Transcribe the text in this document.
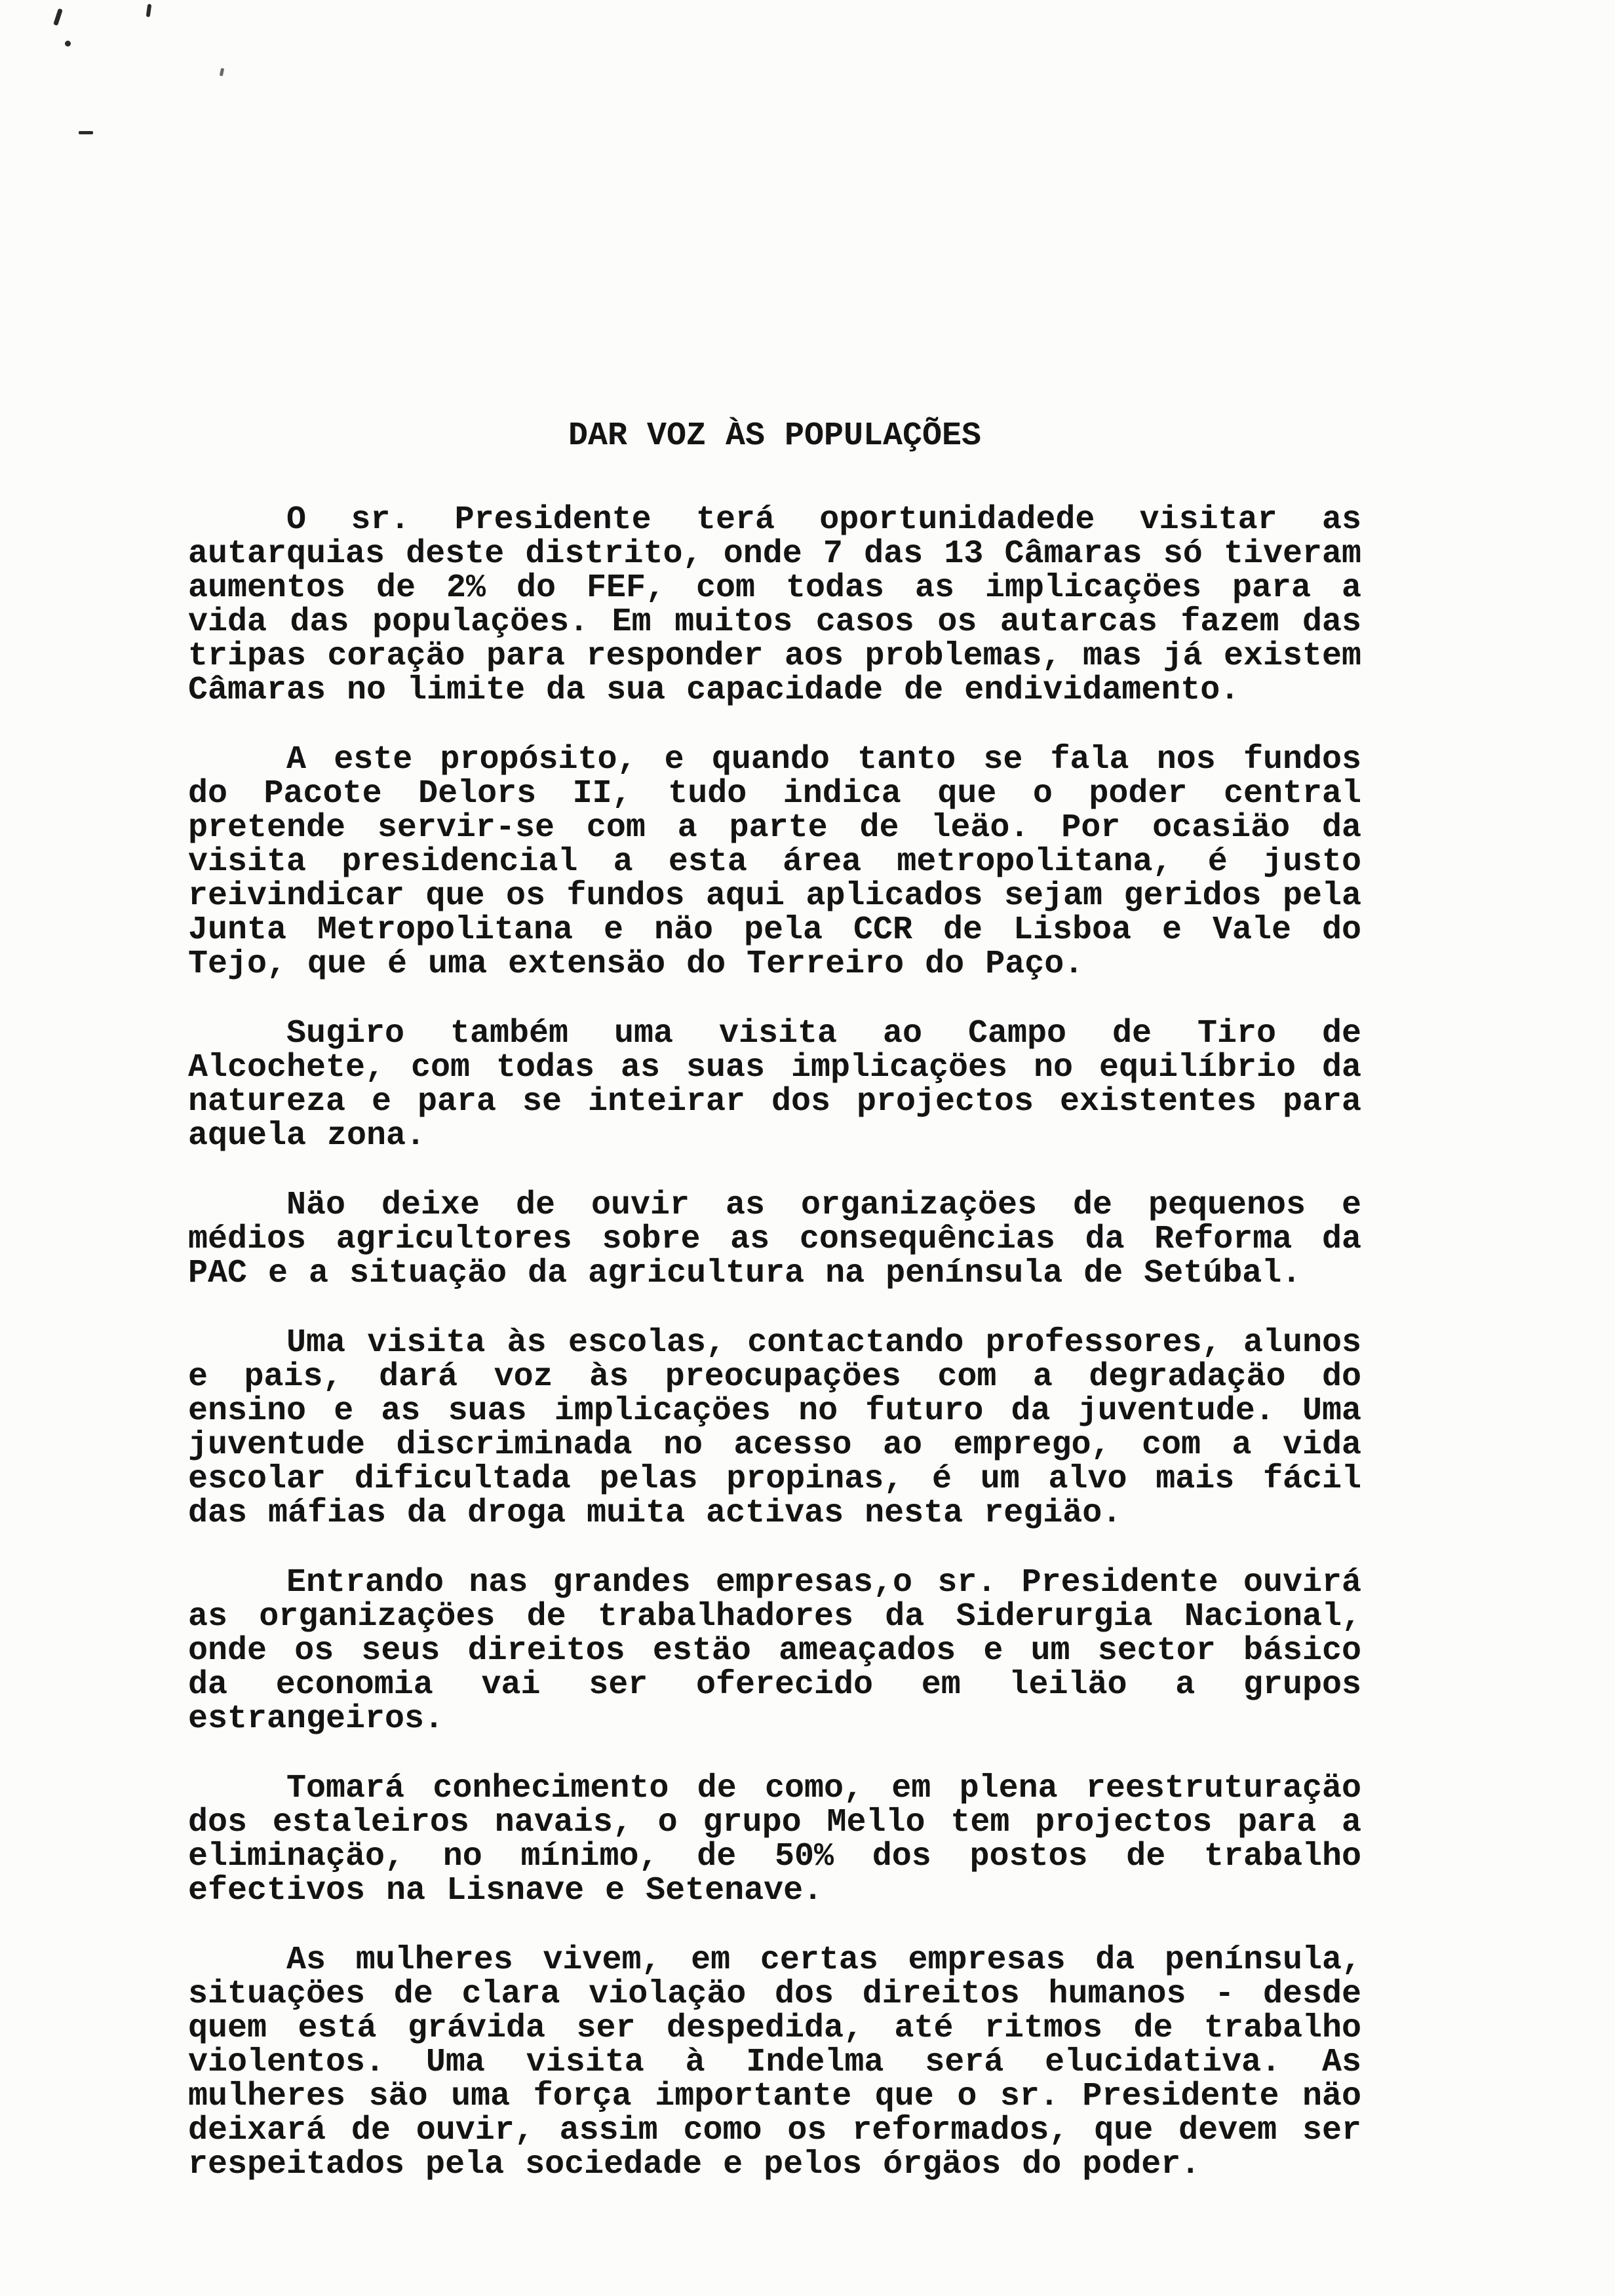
DAR VOZ ÀS POPULAÇÕES

O sr. Presidente terá oportunidadede visitar as autarquias deste distrito, onde 7 das 13 Câmaras só tiveram aumentos de 2% do FEF, com todas as implicaçöes para a vida das populaçöes. Em muitos casos os autarcas fazem das tripas coraçäo para responder aos problemas, mas já existem Câmaras no limite da sua capacidade de endividamento.

A este propósito, e quando tanto se fala nos fundos do Pacote Delors II, tudo indica que o poder central pretende servir-se com a parte de leäo. Por ocasiäo da visita presidencial a esta área metropolitana, é justo reivindicar que os fundos aqui aplicados sejam geridos pela Junta Metropolitana e näo pela CCR de Lisboa e Vale do Tejo, que é uma extensäo do Terreiro do Paço.

Sugiro também uma visita ao Campo de Tiro de Alcochete, com todas as suas implicaçöes no equilíbrio da natureza e para se inteirar dos projectos existentes para aquela zona.

Näo deixe de ouvir as organizaçöes de pequenos e médios agricultores sobre as consequências da Reforma da PAC e a situaçäo da agricultura na península de Setúbal.

Uma visita às escolas, contactando professores, alunos e pais, dará voz às preocupaçöes com a degradaçäo do ensino e as suas implicaçöes no futuro da juventude. Uma juventude discriminada no acesso ao emprego, com a vida escolar dificultada pelas propinas, é um alvo mais fácil das máfias da droga muita activas nesta regiäo.

Entrando nas grandes empresas,o sr. Presidente ouvirá as organizaçöes de trabalhadores da Siderurgia Nacional, onde os seus direitos estäo ameaçados e um sector básico da economia vai ser oferecido em leiläo a grupos estrangeiros.

Tomará conhecimento de como, em plena reestruturaçäo dos estaleiros navais, o grupo Mello tem projectos para a eliminaçäo, no mínimo, de 50% dos postos de trabalho efectivos na Lisnave e Setenave.

As mulheres vivem, em certas empresas da península, situaçöes de clara violaçäo dos direitos humanos - desde quem está grávida ser despedida, até ritmos de trabalho violentos. Uma visita à Indelma será elucidativa. As mulheres säo uma força importante que o sr. Presidente näo deixará de ouvir, assim como os reformados, que devem ser respeitados pela sociedade e pelos órgäos do poder.
